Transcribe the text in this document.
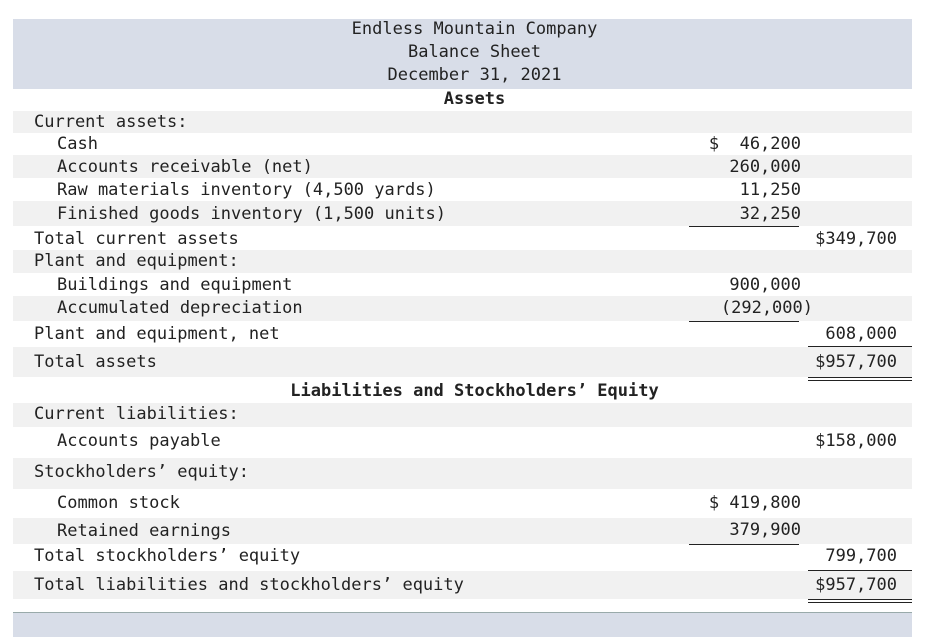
Endless Mountain Company
Balance Sheet
December 31, 2021
Assets
Current assets:
Cash	$  46,200
Accounts receivable (net)	260,000
Raw materials inventory (4,500 yards)	11,250
Finished goods inventory (1,500 units)	32,250
Total current assets	$349,700
Plant and equipment:
Buildings and equipment	900,000
Accumulated depreciation	(292,000)
Plant and equipment, net	608,000
Total assets	$957,700
Liabilities and Stockholders’ Equity
Current liabilities:
Accounts payable	$158,000
Stockholders’ equity:
Common stock	$ 419,800
Retained earnings	379,900
Total stockholders’ equity	799,700
Total liabilities and stockholders’ equity	$957,700
